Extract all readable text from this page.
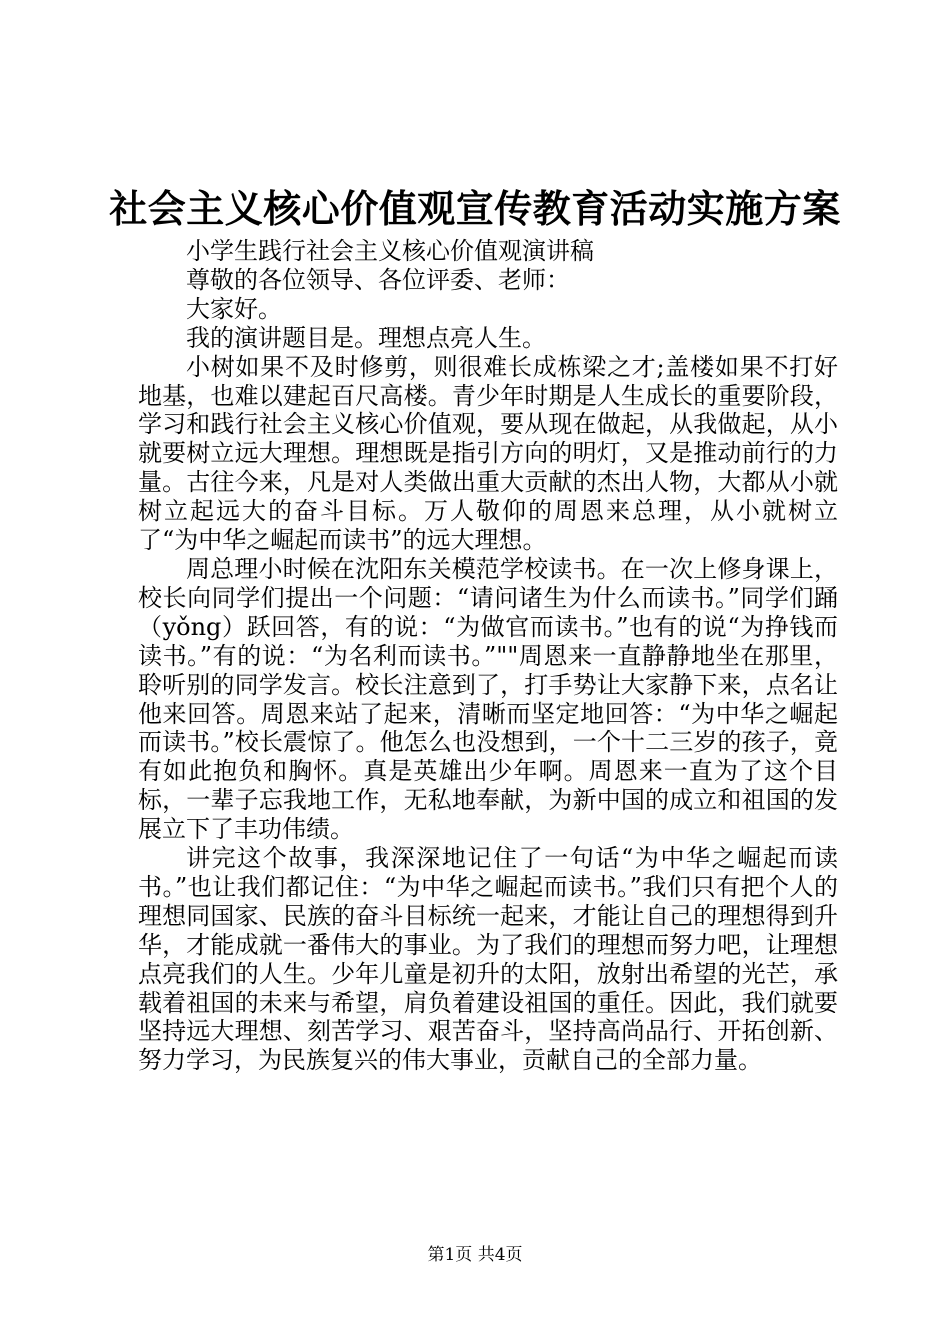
社会主义核心价值观宣传教育活动实施方案

小学生践行社会主义核心价值观演讲稿

尊敬的各位领导、各位评委、老师：

大家好。

我的演讲题目是。理想点亮人生。

小树如果不及时修剪，则很难长成栋梁之才;盖楼如果不打好地基，也难以建起百尺高楼。青少年时期是人生成长的重要阶段，学习和践行社会主义核心价值观，要从现在做起，从我做起，从小就要树立远大理想。理想既是指引方向的明灯，又是推动前行的力量。古往今来，凡是对人类做出重大贡献的杰出人物，大都从小就树立起远大的奋斗目标。万人敬仰的周恩来总理，从小就树立了“为中华之崛起而读书”的远大理想。

周总理小时候在沈阳东关模范学校读书。在一次上修身课上，校长向同学们提出一个问题：“请问诸生为什么而读书。”同学们踊（yǒng）跃回答，有的说：“为做官而读书。”也有的说“为挣钱而读书。”有的说：“为名利而读书。”""周恩来一直静静地坐在那里，聆听别的同学发言。校长注意到了，打手势让大家静下来，点名让他来回答。周恩来站了起来，清晰而坚定地回答：“为中华之崛起而读书。”校长震惊了。他怎么也没想到，一个十二三岁的孩子，竟有如此抱负和胸怀。真是英雄出少年啊。周恩来一直为了这个目标，一辈子忘我地工作，无私地奉献，为新中国的成立和祖国的发展立下了丰功伟绩。

讲完这个故事，我深深地记住了一句话“为中华之崛起而读书。”也让我们都记住：“为中华之崛起而读书。”我们只有把个人的理想同国家、民族的奋斗目标统一起来，才能让自己的理想得到升华，才能成就一番伟大的事业。为了我们的理想而努力吧，让理想点亮我们的人生。少年儿童是初升的太阳，放射出希望的光芒，承载着祖国的未来与希望，肩负着建设祖国的重任。因此，我们就要坚持远大理想、刻苦学习、艰苦奋斗，坚持高尚品行、开拓创新、努力学习，为民族复兴的伟大事业，贡献自己的全部力量。

第1页 共4页
